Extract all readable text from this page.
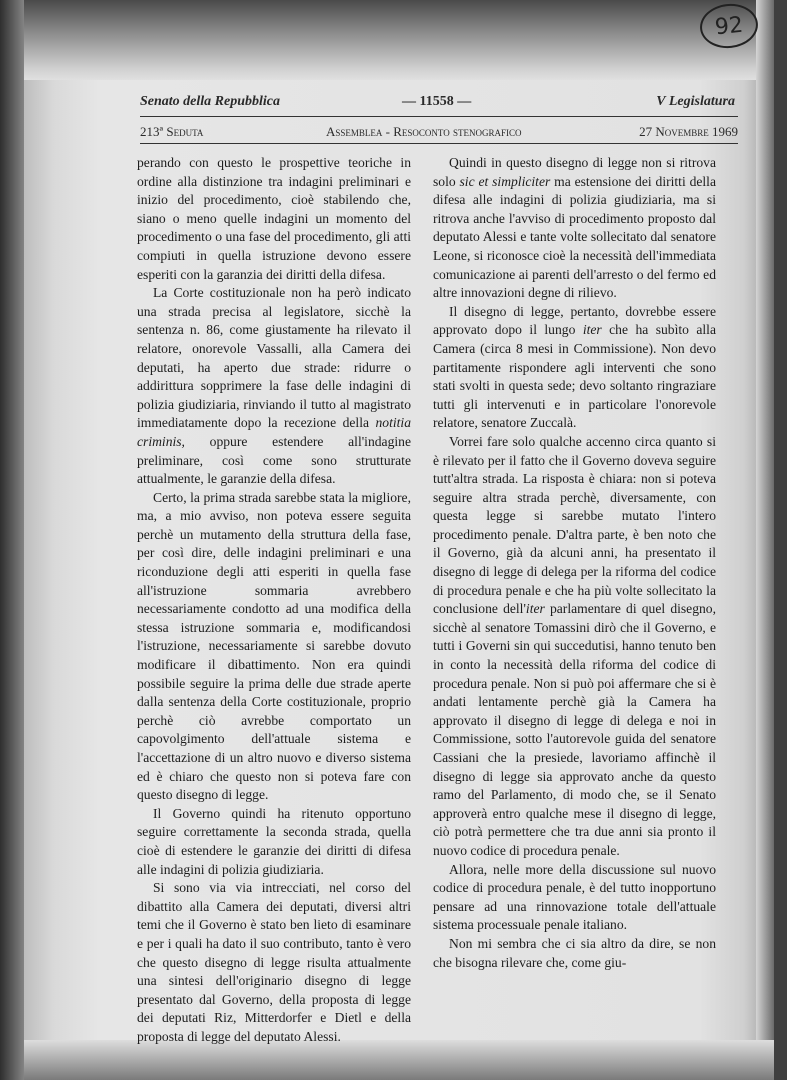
92
Senato della Repubblica	— 11558 —	V Legislatura
213ª Seduta	Assemblea - Resoconto stenografico	27 Novembre 1969

perando con questo le prospettive teoriche in ordine alla distinzione tra indagini preliminari e inizio del procedimento, cioè stabilendo che, siano o meno quelle indagini un momento del procedimento o una fase del procedimento, gli atti compiuti in quella istruzione devono essere esperiti con la garanzia dei diritti della difesa.

La Corte costituzionale non ha però indicato una strada precisa al legislatore, sicchè la sentenza n. 86, come giustamente ha rilevato il relatore, onorevole Vassalli, alla Camera dei deputati, ha aperto due strade: ridurre o addirittura sopprimere la fase delle indagini di polizia giudiziaria, rinviando il tutto al magistrato immediatamente dopo la recezione della notitia criminis, oppure estendere all'indagine preliminare, così come sono strutturate attualmente, le garanzie della difesa.

Certo, la prima strada sarebbe stata la migliore, ma, a mio avviso, non poteva essere seguita perchè un mutamento della struttura della fase, per così dire, delle indagini preliminari e una riconduzione degli atti esperiti in quella fase all'istruzione sommaria avrebbero necessariamente condotto ad una modifica della stessa istruzione sommaria e, modificandosi l'istruzione, necessariamente si sarebbe dovuto modificare il dibattimento. Non era quindi possibile seguire la prima delle due strade aperte dalla sentenza della Corte costituzionale, proprio perchè ciò avrebbe comportato un capovolgimento dell'attuale sistema e l'accettazione di un altro nuovo e diverso sistema ed è chiaro che questo non si poteva fare con questo disegno di legge.

Il Governo quindi ha ritenuto opportuno seguire correttamente la seconda strada, quella cioè di estendere le garanzie dei diritti di difesa alle indagini di polizia giudiziaria.

Si sono via via intrecciati, nel corso del dibattito alla Camera dei deputati, diversi altri temi che il Governo è stato ben lieto di esaminare e per i quali ha dato il suo contributo, tanto è vero che questo disegno di legge risulta attualmente una sintesi dell'originario disegno di legge presentato dal Governo, della proposta di legge dei deputati Riz, Mitterdorfer e Dietl e della proposta di legge del deputato Alessi.

Quindi in questo disegno di legge non si ritrova solo sic et simpliciter ma estensione dei diritti della difesa alle indagini di polizia giudiziaria, ma si ritrova anche l'avviso di procedimento proposto dal deputato Alessi e tante volte sollecitato dal senatore Leone, si riconosce cioè la necessità dell'immediata comunicazione ai parenti dell'arresto o del fermo ed altre innovazioni degne di rilievo.

Il disegno di legge, pertanto, dovrebbe essere approvato dopo il lungo iter che ha subìto alla Camera (circa 8 mesi in Commissione). Non devo partitamente rispondere agli interventi che sono stati svolti in questa sede; devo soltanto ringraziare tutti gli intervenuti e in particolare l'onorevole relatore, senatore Zuccalà.

Vorrei fare solo qualche accenno circa quanto si è rilevato per il fatto che il Governo doveva seguire tutt'altra strada. La risposta è chiara: non si poteva seguire altra strada perchè, diversamente, con questa legge si sarebbe mutato l'intero procedimento penale. D'altra parte, è ben noto che il Governo, già da alcuni anni, ha presentato il disegno di legge di delega per la riforma del codice di procedura penale e che ha più volte sollecitato la conclusione dell'iter parlamentare di quel disegno, sicchè al senatore Tomassini dirò che il Governo, e tutti i Governi sin qui succedutisi, hanno tenuto ben in conto la necessità della riforma del codice di procedura penale. Non si può poi affermare che si è andati lentamente perchè già la Camera ha approvato il disegno di legge di delega e noi in Commissione, sotto l'autorevole guida del senatore Cassiani che la presiede, lavoriamo affinchè il disegno di legge sia approvato anche da questo ramo del Parlamento, di modo che, se il Senato approverà entro qualche mese il disegno di legge, ciò potrà permettere che tra due anni sia pronto il nuovo codice di procedura penale.

Allora, nelle more della discussione sul nuovo codice di procedura penale, è del tutto inopportuno pensare ad una rinnovazione totale dell'attuale sistema processuale penale italiano.

Non mi sembra che ci sia altro da dire, se non che bisogna rilevare che, come giu-
